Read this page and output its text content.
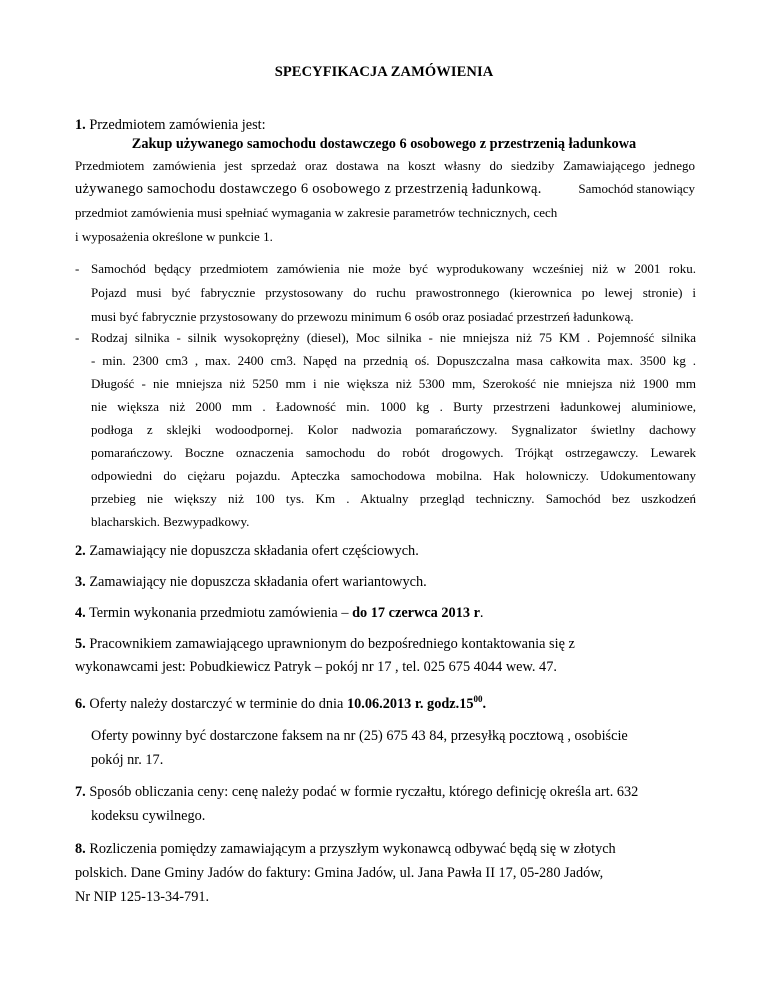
SPECYFIKACJA ZAMÓWIENIA
1. Przedmiotem zamówienia jest:
Zakup używanego samochodu dostawczego 6 osobowego z przestrzenią ładunkowa
Przedmiotem zamówienia jest sprzedaż oraz dostawa na koszt własny do siedziby Zamawiającego jednego
używanego samochodu dostawczego 6 osobowego z przestrzenią ładunkową.	Samochód stanowiący
przedmiot zamówienia musi spełniać wymagania w zakresie parametrów technicznych, cech
i wyposażenia określone w punkcie 1.
- Samochód będący przedmiotem zamówienia nie może być wyprodukowany wcześniej niż w 2001 roku.
Pojazd musi być fabrycznie przystosowany do ruchu prawostronnego (kierownica po lewej stronie) i
musi być fabrycznie przystosowany do przewozu minimum 6 osób oraz posiadać przestrzeń ładunkową.
- Rodzaj silnika - silnik wysokoprężny (diesel), Moc silnika - nie mniejsza niż 75 KM . Pojemność silnika
- min. 2300 cm3 , max. 2400 cm3. Napęd na przednią oś. Dopuszczalna masa całkowita max. 3500 kg .
Długość - nie mniejsza niż 5250 mm i nie większa niż 5300 mm, Szerokość nie mniejsza niż 1900 mm
nie większa niż 2000 mm . Ładowność min. 1000 kg . Burty przestrzeni ładunkowej aluminiowe,
podłoga z sklejki wodoodpornej. Kolor nadwozia pomarańczowy. Sygnalizator świetlny dachowy
pomarańczowy. Boczne oznaczenia samochodu do robót drogowych. Trójkąt ostrzegawczy. Lewarek
odpowiedni do ciężaru pojazdu. Apteczka samochodowa mobilna. Hak holowniczy. Udokumentowany
przebieg nie większy niż 100 tys. Km . Aktualny przegląd techniczny. Samochód bez uszkodzeń
blacharskich. Bezwypadkowy.
2. Zamawiający nie dopuszcza składania ofert częściowych.
3. Zamawiający nie dopuszcza składania ofert wariantowych.
4. Termin wykonania przedmiotu zamówienia – do 17 czerwca 2013 r.
5. Pracownikiem zamawiającego uprawnionym do bezpośredniego kontaktowania się z
wykonawcami jest: Pobudkiewicz Patryk – pokój nr 17 , tel. 025 675 4044 wew. 47.
6. Oferty należy dostarczyć w terminie do dnia 10.06.2013 r. $godz.15^{00}$.
Oferty powinny być dostarczone faksem na nr (25) 675 43 84, przesyłką pocztową , osobiście
pokój nr. 17.
7. Sposób obliczania ceny: cenę należy podać w formie ryczałtu, którego definicję określa art. 632
kodeksu cywilnego.
8. Rozliczenia pomiędzy zamawiającym a przyszłym wykonawcą odbywać będą się w złotych
polskich. Dane Gminy Jadów do faktury: Gmina Jadów, ul. Jana Pawła II 17, 05-280 Jadów,
Nr NIP 125-13-34-791.
